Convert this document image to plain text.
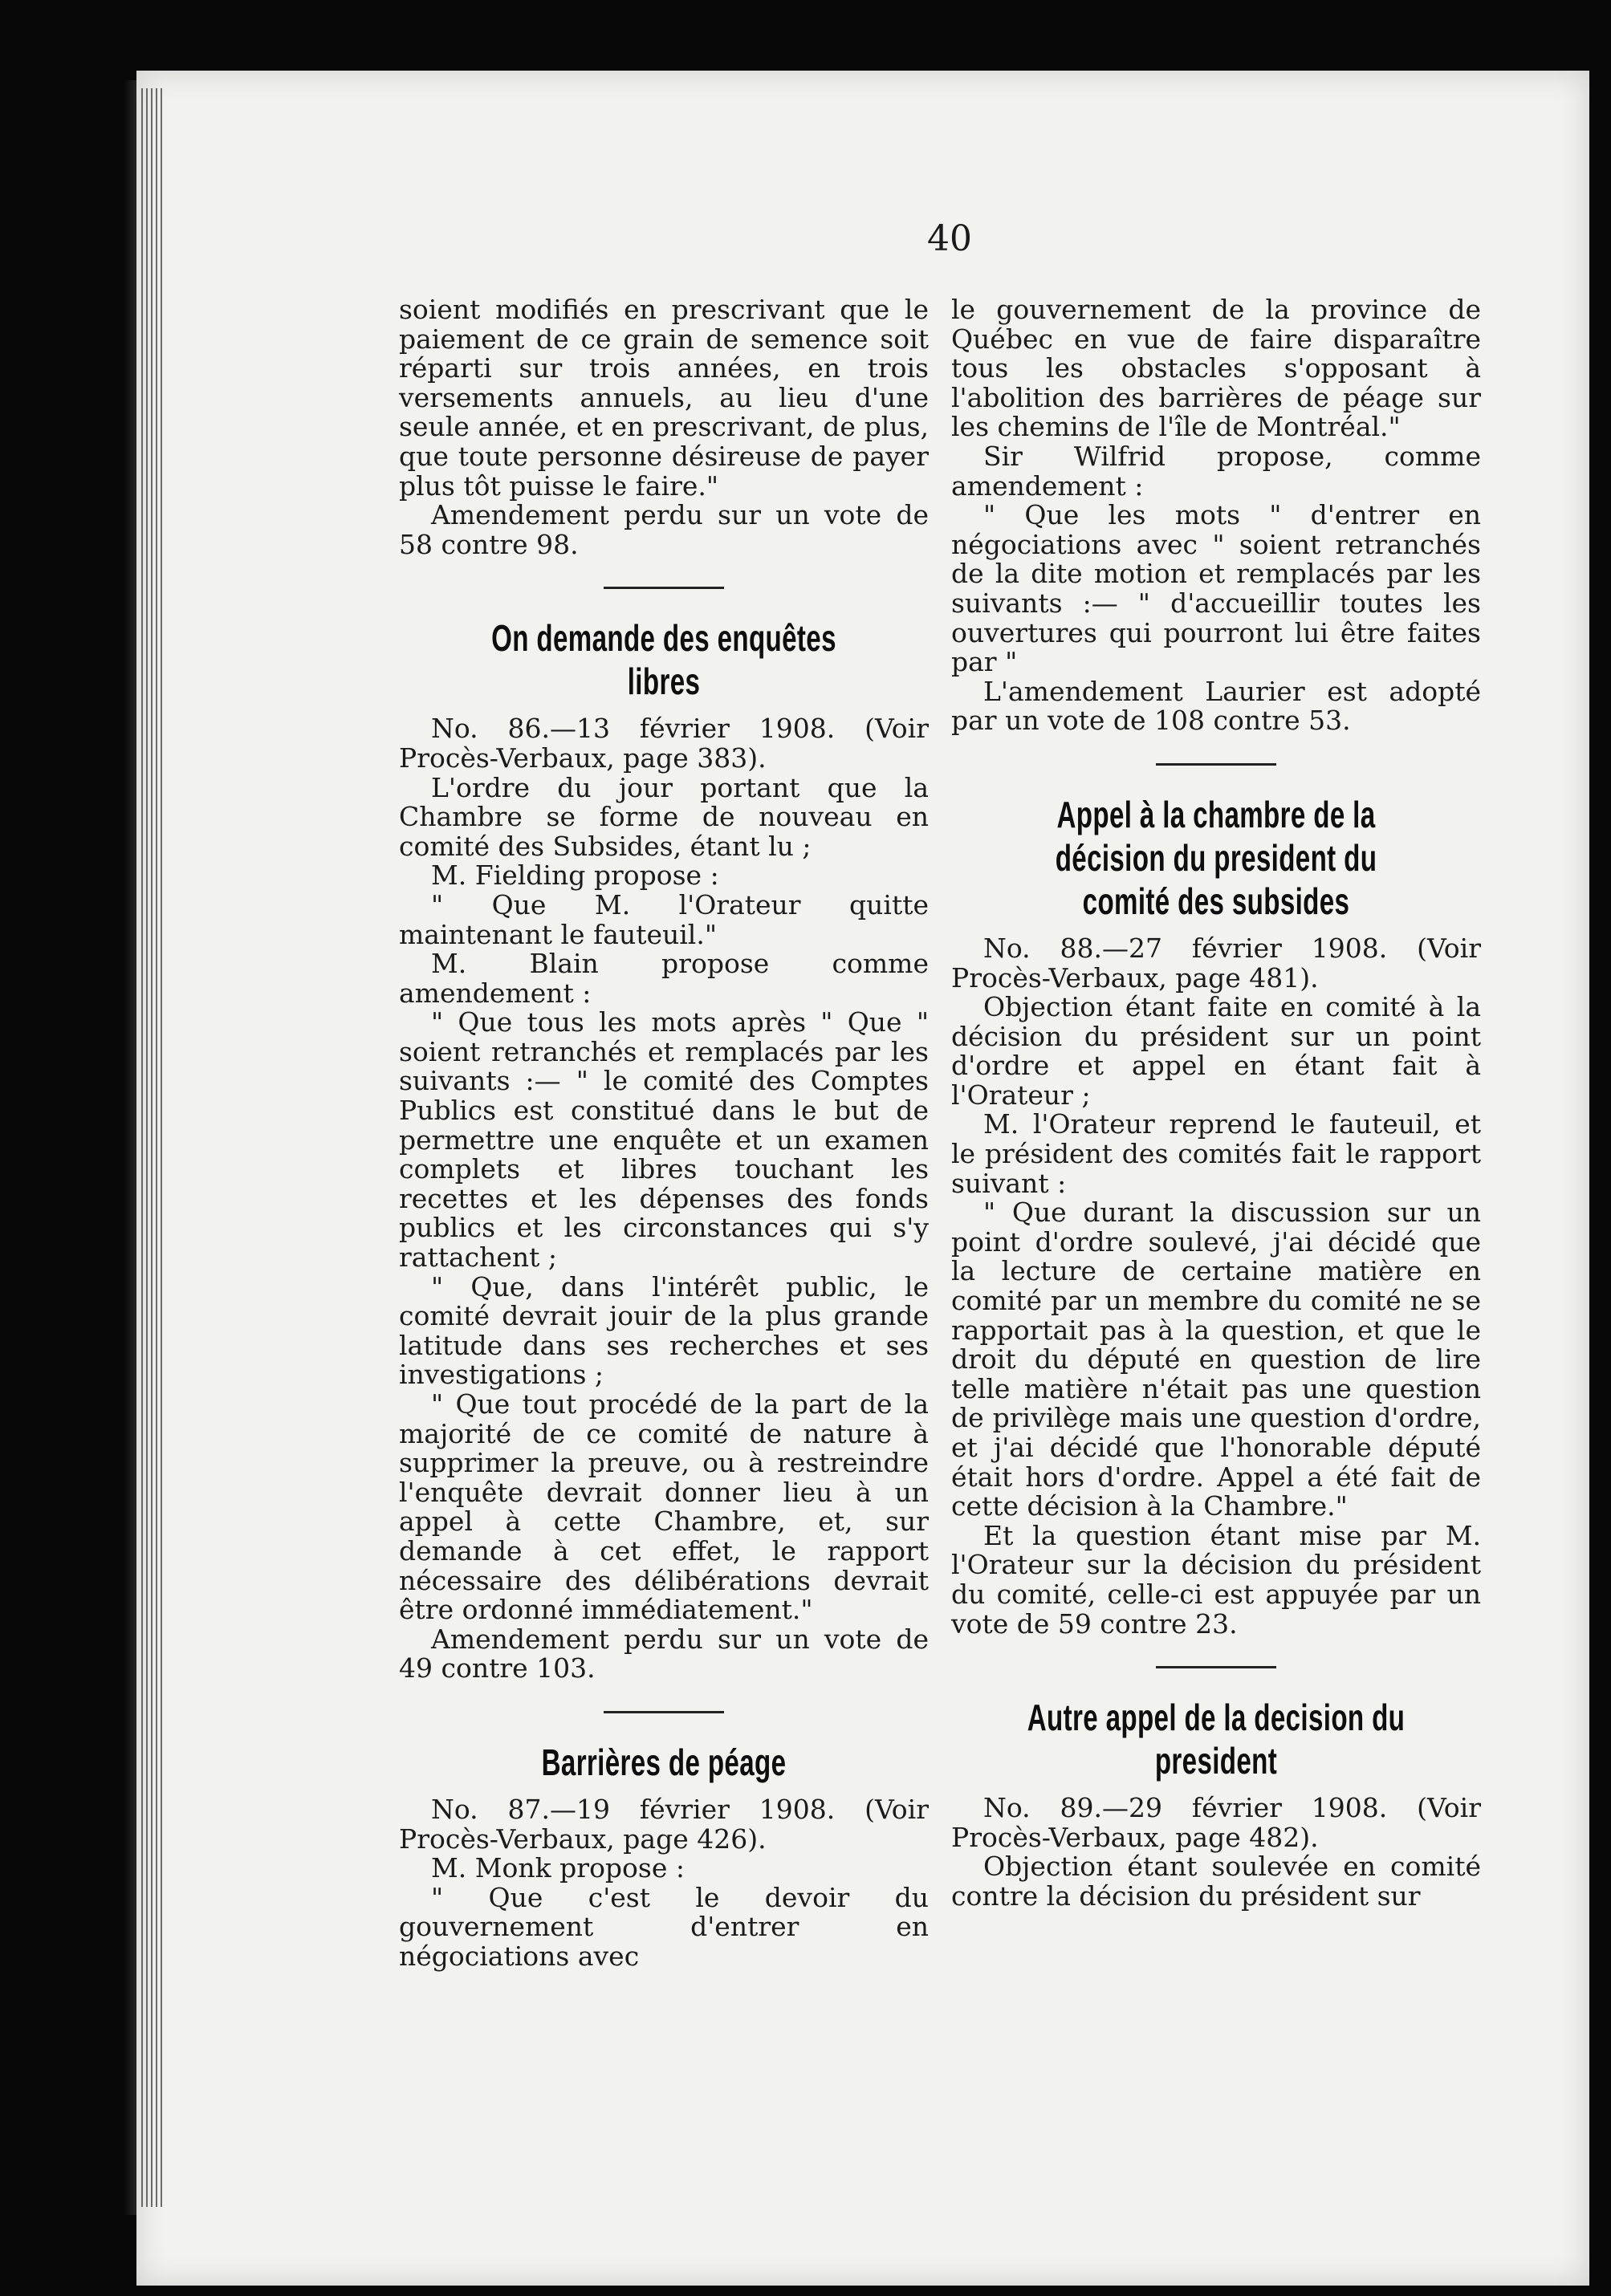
40

soient modifiés en prescrivant que le paiement de ce grain de semence soit réparti sur trois années, en trois versements annuels, au lieu d'une seule année, et en prescrivant, de plus, que toute personne désireuse de payer plus tôt puisse le faire."

Amendement perdu sur un vote de 58 contre 98.

On demande des enquêtes libres

No. 86.—13 février 1908. (Voir Procès-Verbaux, page 383).

L'ordre du jour portant que la Chambre se forme de nouveau en comité des Subsides, étant lu ;

M. Fielding propose :

" Que M. l'Orateur quitte maintenant le fauteuil."

M. Blain propose comme amendement :

" Que tous les mots après " Que " soient retranchés et remplacés par les suivants :— " le comité des Comptes Publics est constitué dans le but de permettre une enquête et un examen complets et libres touchant les recettes et les dépenses des fonds publics et les circonstances qui s'y rattachent ;

" Que, dans l'intérêt public, le comité devrait jouir de la plus grande latitude dans ses recherches et ses investigations ;

" Que tout procédé de la part de la majorité de ce comité de nature à supprimer la preuve, ou à restreindre l'enquête devrait donner lieu à un appel à cette Chambre, et, sur demande à cet effet, le rapport nécessaire des délibérations devrait être ordonné immédiatement."

Amendement perdu sur un vote de 49 contre 103.

Barrières de péage

No. 87.—19 février 1908. (Voir Procès-Verbaux, page 426).

M. Monk propose :

" Que c'est le devoir du gouvernement d'entrer en négociations avec

le gouvernement de la province de Québec en vue de faire disparaître tous les obstacles s'opposant à l'abolition des barrières de péage sur les chemins de l'île de Montréal."

Sir Wilfrid propose, comme amendement :

" Que les mots " d'entrer en négociations avec " soient retranchés de la dite motion et remplacés par les suivants :— " d'accueillir toutes les ouvertures qui pourront lui être faites par "

L'amendement Laurier est adopté par un vote de 108 contre 53.

Appel à la chambre de la décision du president du comité des subsides

No. 88.—27 février 1908. (Voir Procès-Verbaux, page 481).

Objection étant faite en comité à la décision du président sur un point d'ordre et appel en étant fait à l'Orateur ;

M. l'Orateur reprend le fauteuil, et le président des comités fait le rapport suivant :

" Que durant la discussion sur un point d'ordre soulevé, j'ai décidé que la lecture de certaine matière en comité par un membre du comité ne se rapportait pas à la question, et que le droit du député en question de lire telle matière n'était pas une question de privilège mais une question d'ordre, et j'ai décidé que l'honorable député était hors d'ordre. Appel a été fait de cette décision à la Chambre."

Et la question étant mise par M. l'Orateur sur la décision du président du comité, celle-ci est appuyée par un vote de 59 contre 23.

Autre appel de la decision du president

No. 89.—29 février 1908. (Voir Procès-Verbaux, page 482).

Objection étant soulevée en comité contre la décision du président sur
